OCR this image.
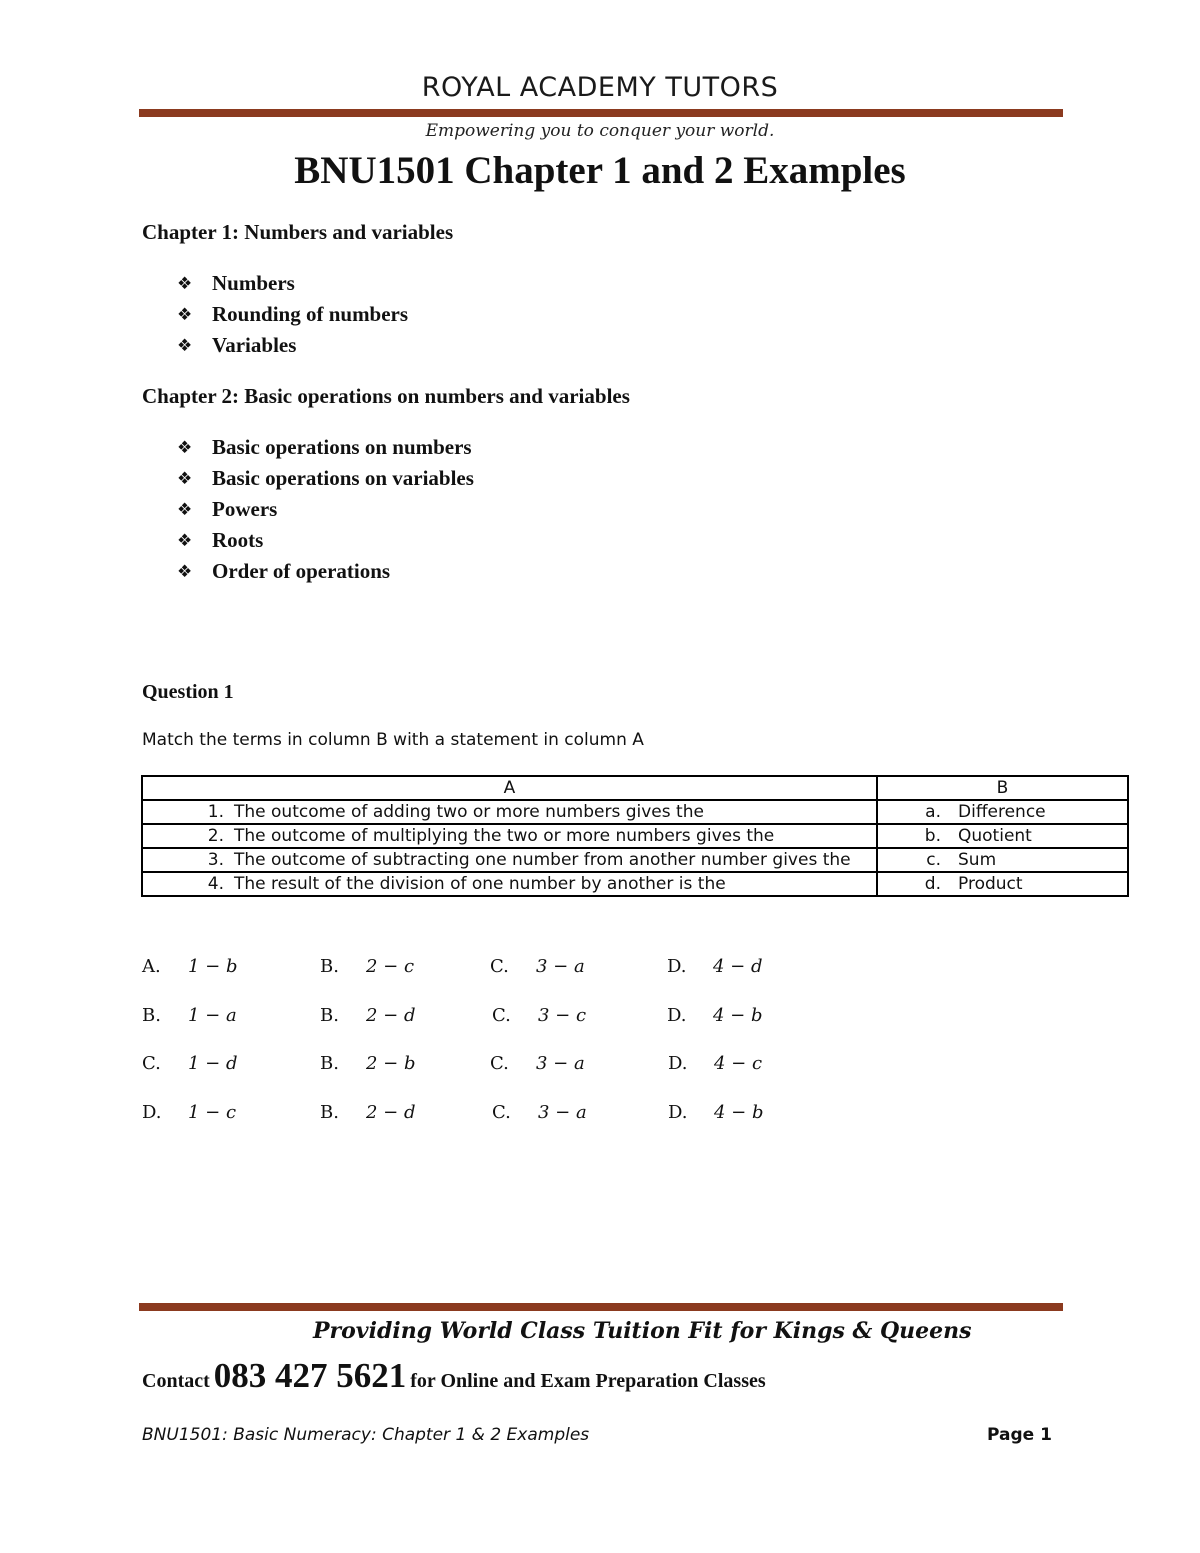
ROYAL ACADEMY TUTORS
Empowering you to conquer your world.
BNU1501 Chapter 1 and 2 Examples
Chapter 1: Numbers and variables
❖ Numbers
❖ Rounding of numbers
❖ Variables
Chapter 2: Basic operations on numbers and variables
❖ Basic operations on numbers
❖ Basic operations on variables
❖ Powers
❖ Roots
❖ Order of operations
Question 1
Match the terms in column B with a statement in column A
A	B
1. The outcome of adding two or more numbers gives the	a. Difference
2. The outcome of multiplying the two or more numbers gives the	b. Quotient
3. The outcome of subtracting one number from another number gives the	c. Sum
4. The result of the division of one number by another is the	d. Product
A. 1 − b	B. 2 − c	C. 3 − a	D. 4 − d
B. 1 − a	B. 2 − d	C. 3 − c	D. 4 − b
C. 1 − d	B. 2 − b	C. 3 − a	D. 4 − c
D. 1 − c	B. 2 − d	C. 3 − a	D. 4 − b
Providing World Class Tuition Fit for Kings & Queens
Contact 083 427 5621 for Online and Exam Preparation Classes
BNU1501: Basic Numeracy: Chapter 1 & 2 Examples	Page 1
